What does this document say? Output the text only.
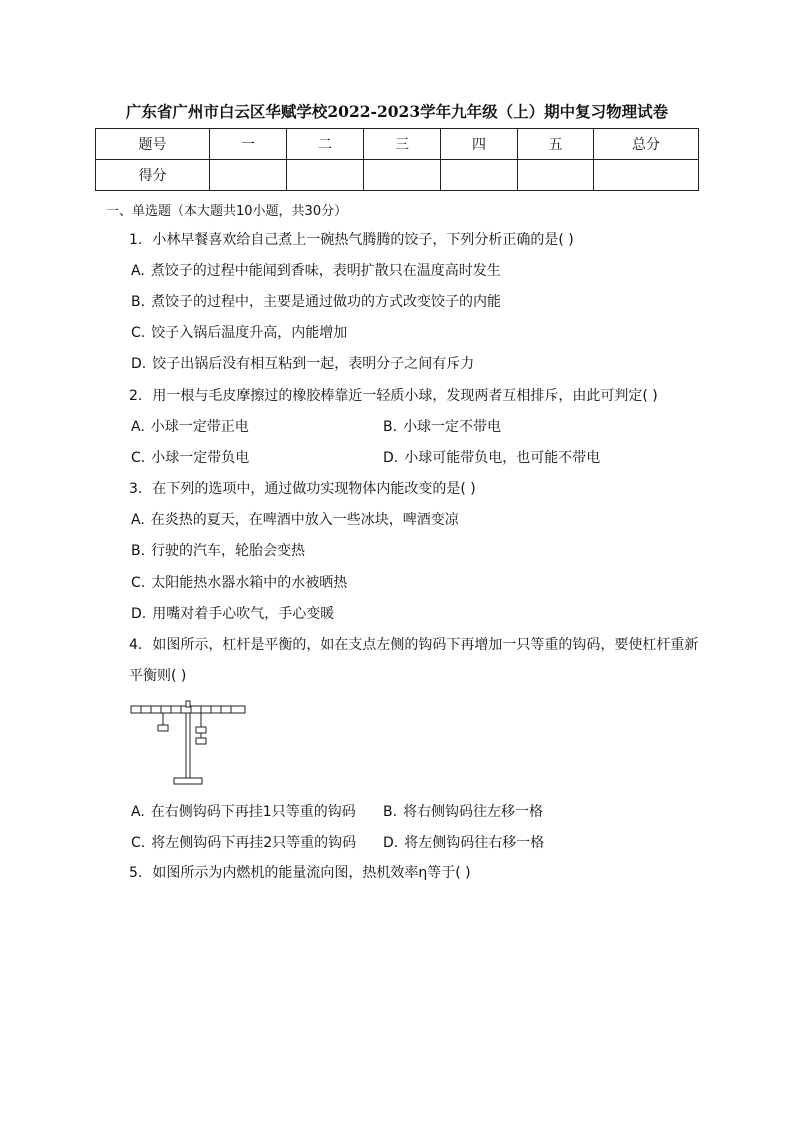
广东省广州市白云区华赋学校2022-2023学年九年级（上）期中复习物理试卷
题号	一	二	三	四	五	总分
得分						
一、单选题（本大题共10小题，共30分）
1. 小林早餐喜欢给自己煮上一碗热气腾腾的饺子，下列分析正确的是( )
A. 煮饺子的过程中能闻到香味，表明扩散只在温度高时发生
B. 煮饺子的过程中，主要是通过做功的方式改变饺子的内能
C. 饺子入锅后温度升高，内能增加
D. 饺子出锅后没有相互粘到一起，表明分子之间有斥力
2. 用一根与毛皮摩擦过的橡胶棒靠近一轻质小球，发现两者互相排斥，由此可判定( )
A. 小球一定带正电	B. 小球一定不带电
C. 小球一定带负电	D. 小球可能带负电，也可能不带电
3. 在下列的选项中，通过做功实现物体内能改变的是( )
A. 在炎热的夏天，在啤酒中放入一些冰块，啤酒变凉
B. 行驶的汽车，轮胎会变热
C. 太阳能热水器水箱中的水被晒热
D. 用嘴对着手心吹气，手心变暖
4. 如图所示，杠杆是平衡的，如在支点左侧的钩码下再增加一只等重的钩码，要使杠杆重新
平衡则( )
A. 在右侧钩码下再挂1只等重的钩码 B. 将右侧钩码往左移一格
C. 将左侧钩码下再挂2只等重的钩码 D. 将左侧钩码往右移一格
5. 如图所示为内燃机的能量流向图，热机效率η等于( )
